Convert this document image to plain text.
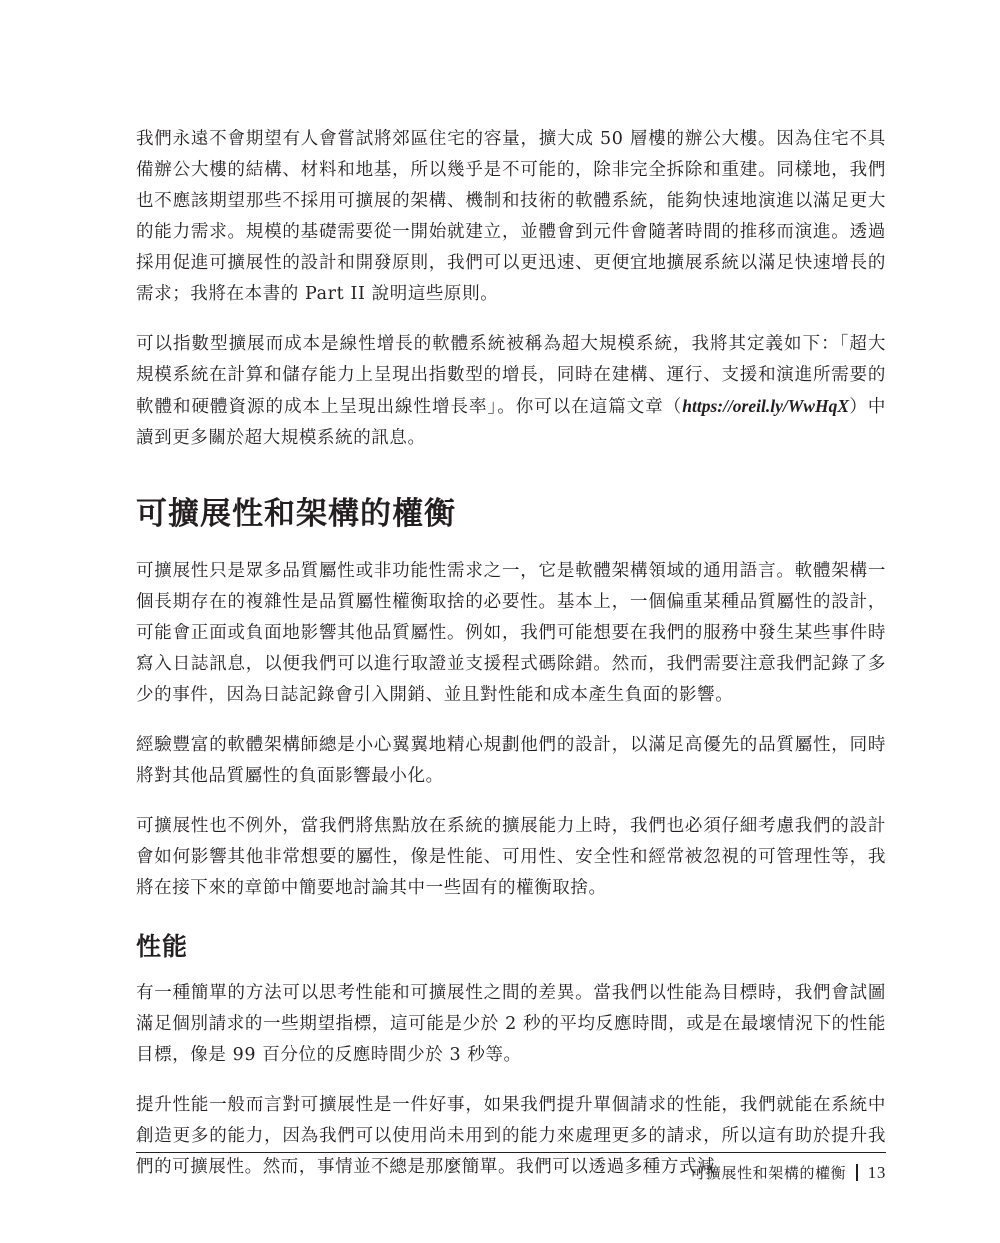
我們永遠不會期望有人會嘗試將郊區住宅的容量，擴大成 50 層樓的辦公大樓。因為住宅不具備辦公大樓的結構、材料和地基，所以幾乎是不可能的，除非完全拆除和重建。同樣地，我們也不應該期望那些不採用可擴展的架構、機制和技術的軟體系統，能夠快速地演進以滿足更大的能力需求。規模的基礎需要從一開始就建立，並體會到元件會隨著時間的推移而演進。透過採用促進可擴展性的設計和開發原則，我們可以更迅速、更便宜地擴展系統以滿足快速增長的需求；我將在本書的 Part II 說明這些原則。

可以指數型擴展而成本是線性增長的軟體系統被稱為超大規模系統，我將其定義如下：「超大規模系統在計算和儲存能力上呈現出指數型的增長，同時在建構、運行、支援和演進所需要的軟體和硬體資源的成本上呈現出線性增長率」。你可以在這篇文章（https://oreil.ly/WwHqX）中讀到更多關於超大規模系統的訊息。

可擴展性和架構的權衡

可擴展性只是眾多品質屬性或非功能性需求之一，它是軟體架構領域的通用語言。軟體架構一個長期存在的複雜性是品質屬性權衡取捨的必要性。基本上，一個偏重某種品質屬性的設計，可能會正面或負面地影響其他品質屬性。例如，我們可能想要在我們的服務中發生某些事件時寫入日誌訊息，以便我們可以進行取證並支援程式碼除錯。然而，我們需要注意我們記錄了多少的事件，因為日誌記錄會引入開銷、並且對性能和成本產生負面的影響。

經驗豐富的軟體架構師總是小心翼翼地精心規劃他們的設計，以滿足高優先的品質屬性，同時將對其他品質屬性的負面影響最小化。

可擴展性也不例外，當我們將焦點放在系統的擴展能力上時，我們也必須仔細考慮我們的設計會如何影響其他非常想要的屬性，像是性能、可用性、安全性和經常被忽視的可管理性等，我將在接下來的章節中簡要地討論其中一些固有的權衡取捨。

性能

有一種簡單的方法可以思考性能和可擴展性之間的差異。當我們以性能為目標時，我們會試圖滿足個別請求的一些期望指標，這可能是少於 2 秒的平均反應時間，或是在最壞情況下的性能目標，像是 99 百分位的反應時間少於 3 秒等。

提升性能一般而言對可擴展性是一件好事，如果我們提升單個請求的性能，我們就能在系統中創造更多的能力，因為我們可以使用尚未用到的能力來處理更多的請求，所以這有助於提升我們的可擴展性。然而，事情並不總是那麼簡單。我們可以透過多種方式減

可擴展性和架構的權衡 13
